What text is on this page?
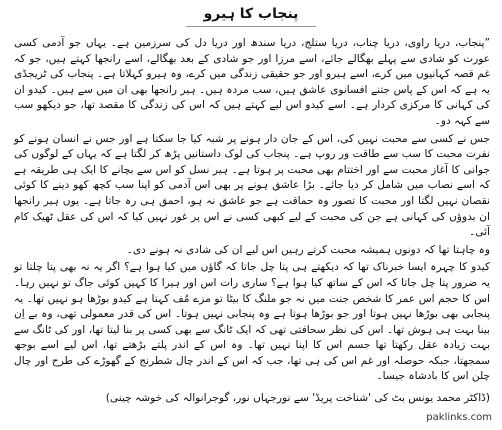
پنجاب کا ہیرو

”پنجاب، دریا راوی، دریا چناب، دریا ستلج، دریا سندھ اور دریا دل کی سرزمین ہے۔ یہاں جو آدمی کسی عورت کو شادی سے پہلے بھگالے جائے، اسے مرزا اور جو شادی کے بعد بھگالے، اسے رانجھا کہتے ہیں، جو کہ غم قصہ کہانیوں میں کرے، اسے ہیرو اور جو حقیقی زندگی میں کرے، وہ ہیرو کہلاتا ہے۔ پنجاب کی ٹریجڈی یہ ہے کہ اس کے پاس جتنے افسانوی عاشق ہیں، سب مردہ ہیں۔ ہیر رانجھا بھی ان میں سے ہیں۔ کیدو ان کی کہانی کا مرکزی کردار ہے۔ اسے کیدو اس لیے کہتے ہیں کہ اس کی زندگی کا مقصد تھا، جو دیکھو سب سے کہہ دو۔

جس نے کسی سے محبت نہیں کی، اس کے جان دار ہونے پر شبہ کیا جا سکتا ہے اور جس نے انسان ہونے کو نفرت محبت کا سب سے طاقت ور روپ ہے۔ پنجاب کی لوک داستانیں پڑھ کر لگتا ہے کہ یہاں کے لوگوں کی جوانی کا آغاز محبت سے اور اختتام بھی محبت پر ہوتا ہے۔ ہیر نسل کو اس سے بچانے کا ایک ہی طریقہ ہے کہ اسے نصاب میں شامل کر دیا جائے۔ بڑا عاشق ہونے پر بھی اس آدمی کو اپنا سب کچھ کھو دینے کا کوئی نقصان نہیں لگتا اور محبت کا تصور وہ حماقت ہے جو عاشق نہ ہو، احمق ہی رہ جاتا ہے۔ یوں ہیر رانجھا ان بدوؤں کی کہانی ہے جن کی محبت کے لیے کبھی کسی نے اس پر غور نہیں کیا کہ اس کی عقل ٹھیک کام آئی۔

وہ چاہتا تھا کہ دونوں ہمیشہ محبت کرتے رہیں اس لیے ان کی شادی نہ ہونے دی۔

کیدو کا چہرہ ایسا خبرناک تھا کہ دیکھتے ہی پتا چل جاتا کہ گاؤں میں کیا ہوا ہے؟ اگر یہ نہ بھی پتا چلتا تو یہ ضرور پتا چل جاتا کہ اس کے ساتھ کیا ہوا ہے؟ ساری رات اس اور ہیرا کا کہیں کوئی جاگ تو نہیں رہا۔ اس کا حجم اس عمر کا شخص جنت میں نہ جو ملنگ کا بیٹا تو مزے مُف کہتا ہے کیدو بوڑھا ہو نہیں تھا۔ یہ پنجابی بھی بوڑھا نہیں ہوتا اور جو بوڑھا ہوتا ہے وہ پنجابی نہیں ہوتا۔ اس کی قدر معمولی تھی، وہ بے اِن بینا بہت ہی ہوش تھا۔ اس کی نظر سحافتی تھی کہ ایک ٹانگ سے بھی کسی پر بنا لیتا تھا، اور کی ٹانگ سے بہت زیادہ عقل رکھتا تھا جسم اس کا اپنا نہیں تھا۔ وہ اس کے اندر پلتے بڑھتے تھا، اس لیے اسے بوجھ سمجھتا، جبکہ حوصلہ اور غم اس کی ہی تھا، جب کہ اس کے اندر چال شطرنج کے گھوڑے کی طرح اور چال چلن اس کا بادشاہ جیسا۔

(ڈاکٹر محمد یونس بٹ کی 'شناخت پریڈ' سے نورجہاں نور، گوجرانوالہ کی خوشہ چینی)
paklinks.com
